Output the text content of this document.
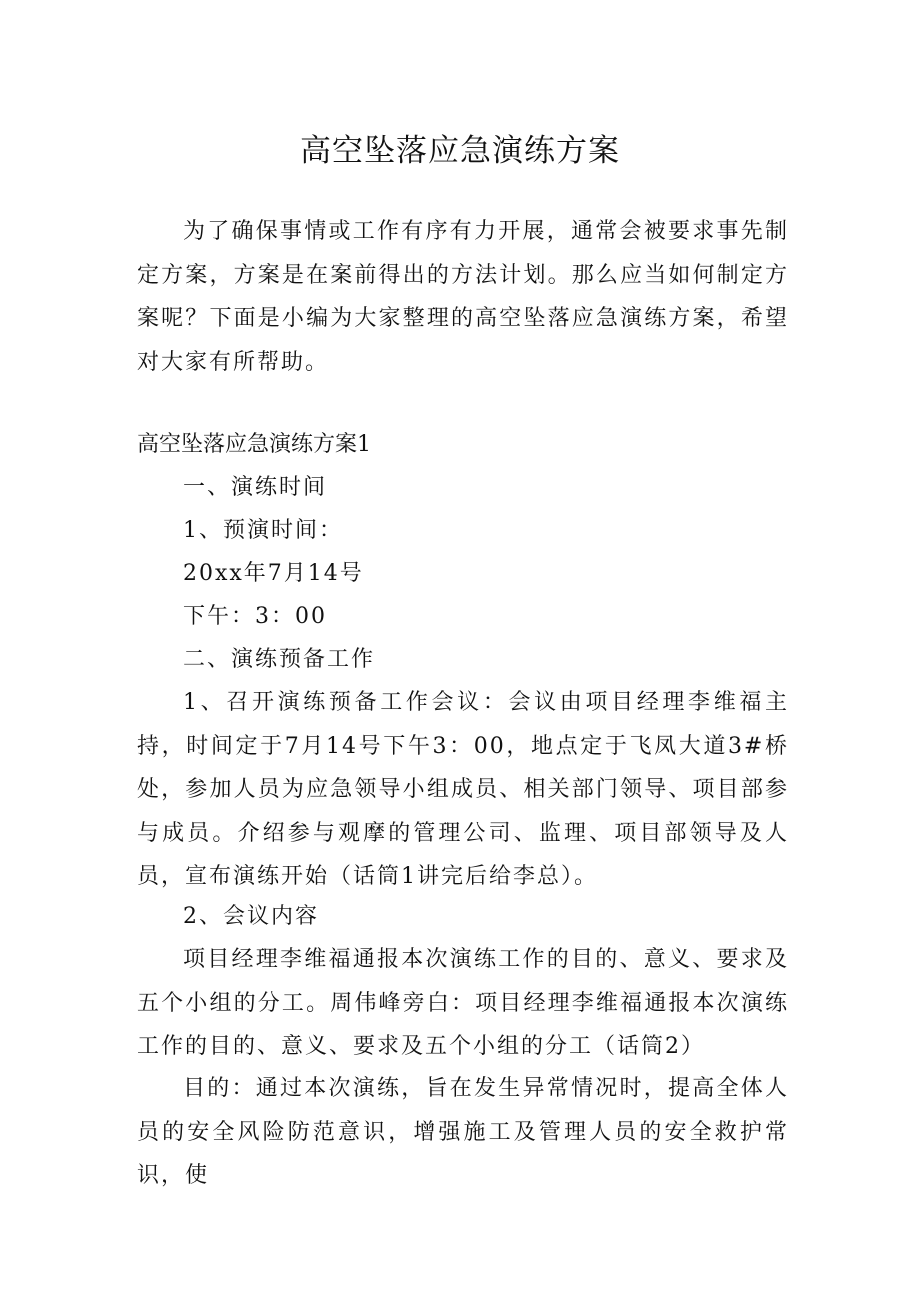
高空坠落应急演练方案

为了确保事情或工作有序有力开展，通常会被要求事先制定方案，方案是在案前得出的方法计划。那么应当如何制定方案呢？下面是小编为大家整理的高空坠落应急演练方案，希望对大家有所帮助。

高空坠落应急演练方案1

一、演练时间

1、预演时间：

20xx年7月14号

下午：3：00

二、演练预备工作

1、召开演练预备工作会议：会议由项目经理李维福主持，时间定于7月14号下午3：00，地点定于飞凤大道3#桥处，参加人员为应急领导小组成员、相关部门领导、项目部参与成员。介绍参与观摩的管理公司、监理、项目部领导及人员，宣布演练开始（话筒1讲完后给李总）。

2、会议内容

项目经理李维福通报本次演练工作的目的、意义、要求及五个小组的分工。周伟峰旁白：项目经理李维福通报本次演练工作的目的、意义、要求及五个小组的分工（话筒2）

目的：通过本次演练，旨在发生异常情况时，提高全体人员的安全风险防范意识，增强施工及管理人员的安全救护常识，使
